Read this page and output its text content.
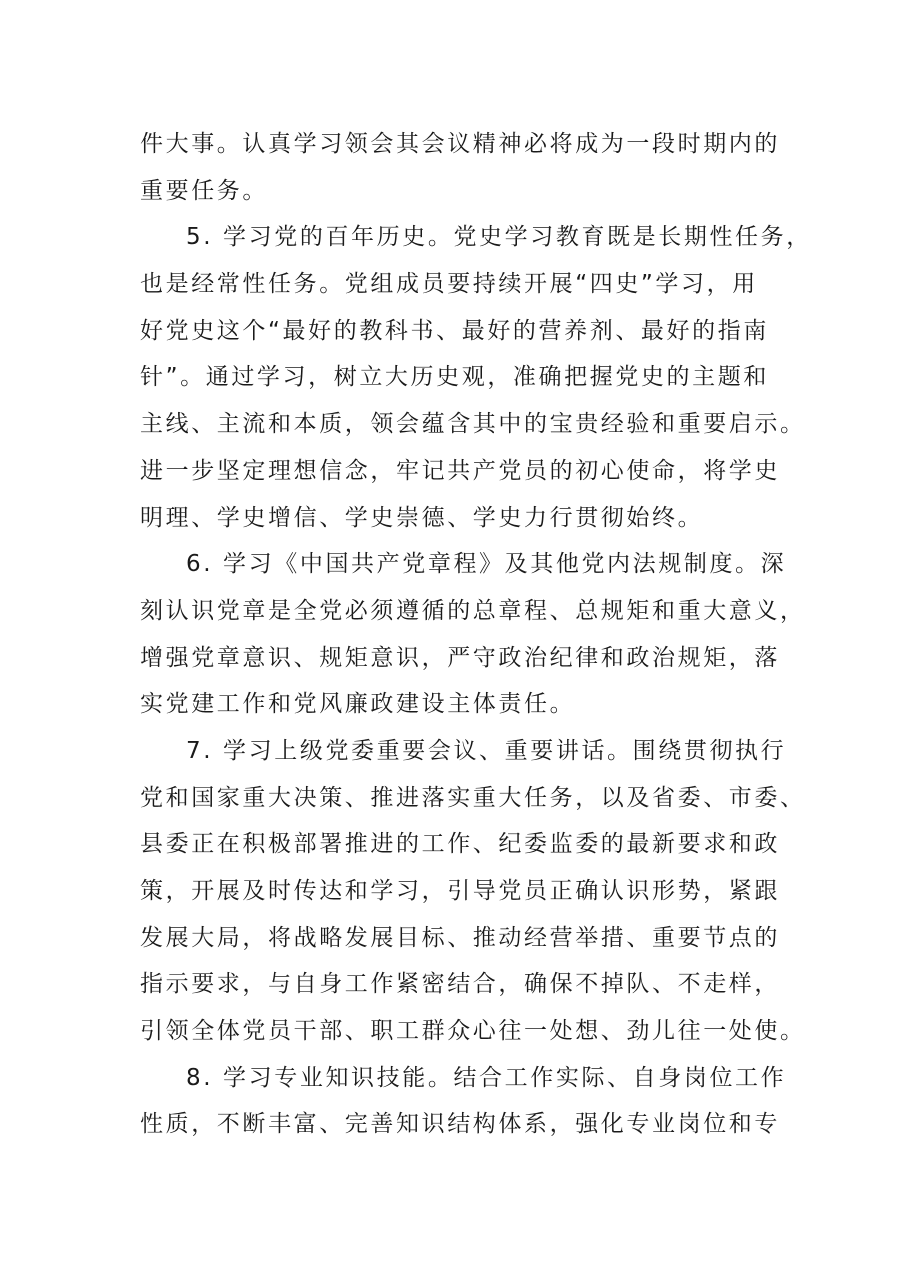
件大事。认真学习领会其会议精神必将成为一段时期内的
重要任务。
5. 学习党的百年历史。党史学习教育既是长期性任务，
也是经常性任务。党组成员要持续开展“四史”学习，用
好党史这个“最好的教科书、最好的营养剂、最好的指南
针”。通过学习，树立大历史观，准确把握党史的主题和
主线、主流和本质，领会蕴含其中的宝贵经验和重要启示。
进一步坚定理想信念，牢记共产党员的初心使命，将学史
明理、学史增信、学史崇德、学史力行贯彻始终。
6. 学习《中国共产党章程》及其他党内法规制度。深
刻认识党章是全党必须遵循的总章程、总规矩和重大意义，
增强党章意识、规矩意识，严守政治纪律和政治规矩，落
实党建工作和党风廉政建设主体责任。
7. 学习上级党委重要会议、重要讲话。围绕贯彻执行
党和国家重大决策、推进落实重大任务，以及省委、市委、
县委正在积极部署推进的工作、纪委监委的最新要求和政
策，开展及时传达和学习，引导党员正确认识形势，紧跟
发展大局，将战略发展目标、推动经营举措、重要节点的
指示要求，与自身工作紧密结合，确保不掉队、不走样，
引领全体党员干部、职工群众心往一处想、劲儿往一处使。
8. 学习专业知识技能。结合工作实际、自身岗位工作
性质，不断丰富、完善知识结构体系，强化专业岗位和专
